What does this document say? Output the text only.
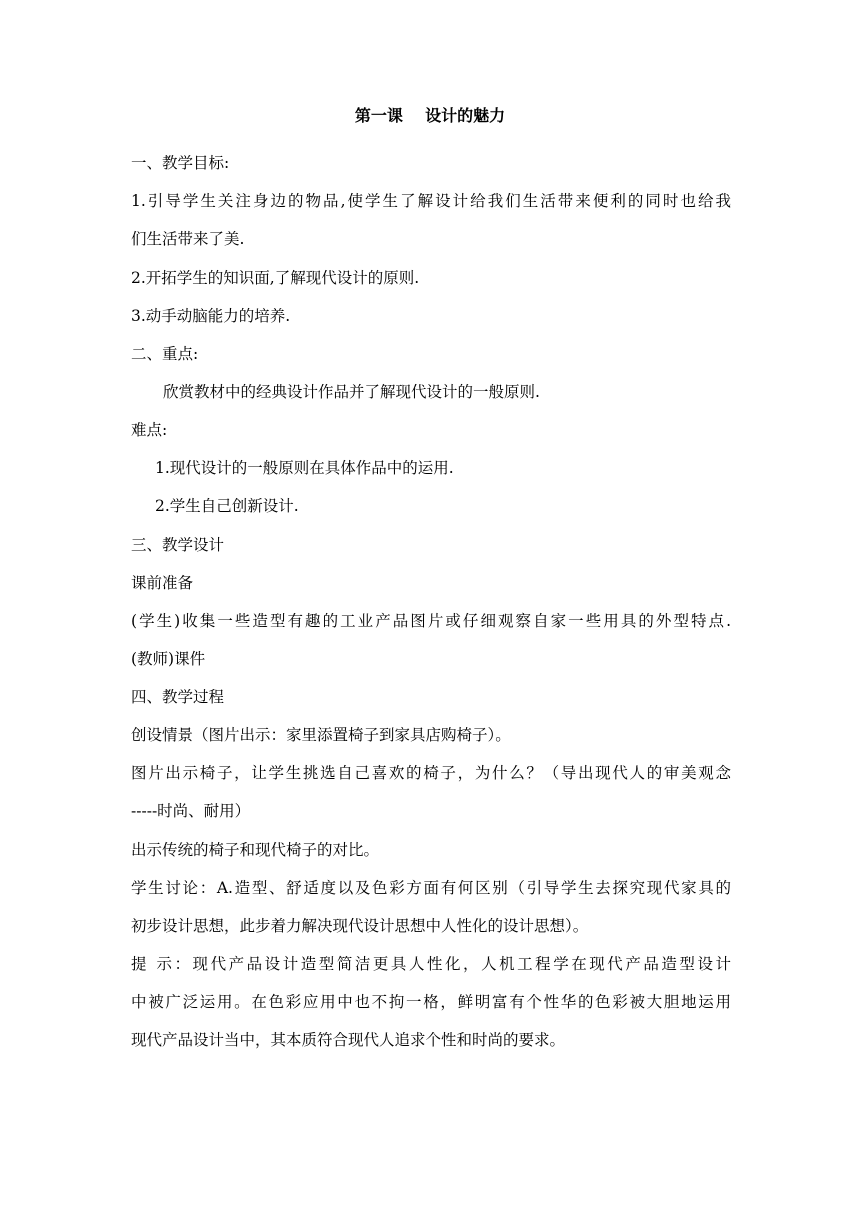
第一课    设计的魅力
一、教学目标:
1.引导学生关注身边的物品,使学生了解设计给我们生活带来便利的同时也给我
们生活带来了美.
2.开拓学生的知识面,了解现代设计的原则.
3.动手动脑能力的培养.
二、重点:
欣赏教材中的经典设计作品并了解现代设计的一般原则.
难点:
1.现代设计的一般原则在具体作品中的运用.
2.学生自己创新设计.
三、教学设计
课前准备
(学生)收集一些造型有趣的工业产品图片或仔细观察自家一些用具的外型特点.
(教师)课件
四、教学过程
创设情景（图片出示：家里添置椅子到家具店购椅子）。
图片出示椅子，让学生挑选自己喜欢的椅子，为什么？（导出现代人的审美观念
-----时尚、耐用）
出示传统的椅子和现代椅子的对比。
学生讨论：A.造型、舒适度以及色彩方面有何区别（引导学生去探究现代家具的
初步设计思想，此步着力解决现代设计思想中人性化的设计思想）。
提 示：现代产品设计造型简洁更具人性化，人机工程学在现代产品造型设计
中被广泛运用。在色彩应用中也不拘一格，鲜明富有个性华的色彩被大胆地运用
现代产品设计当中，其本质符合现代人追求个性和时尚的要求。
